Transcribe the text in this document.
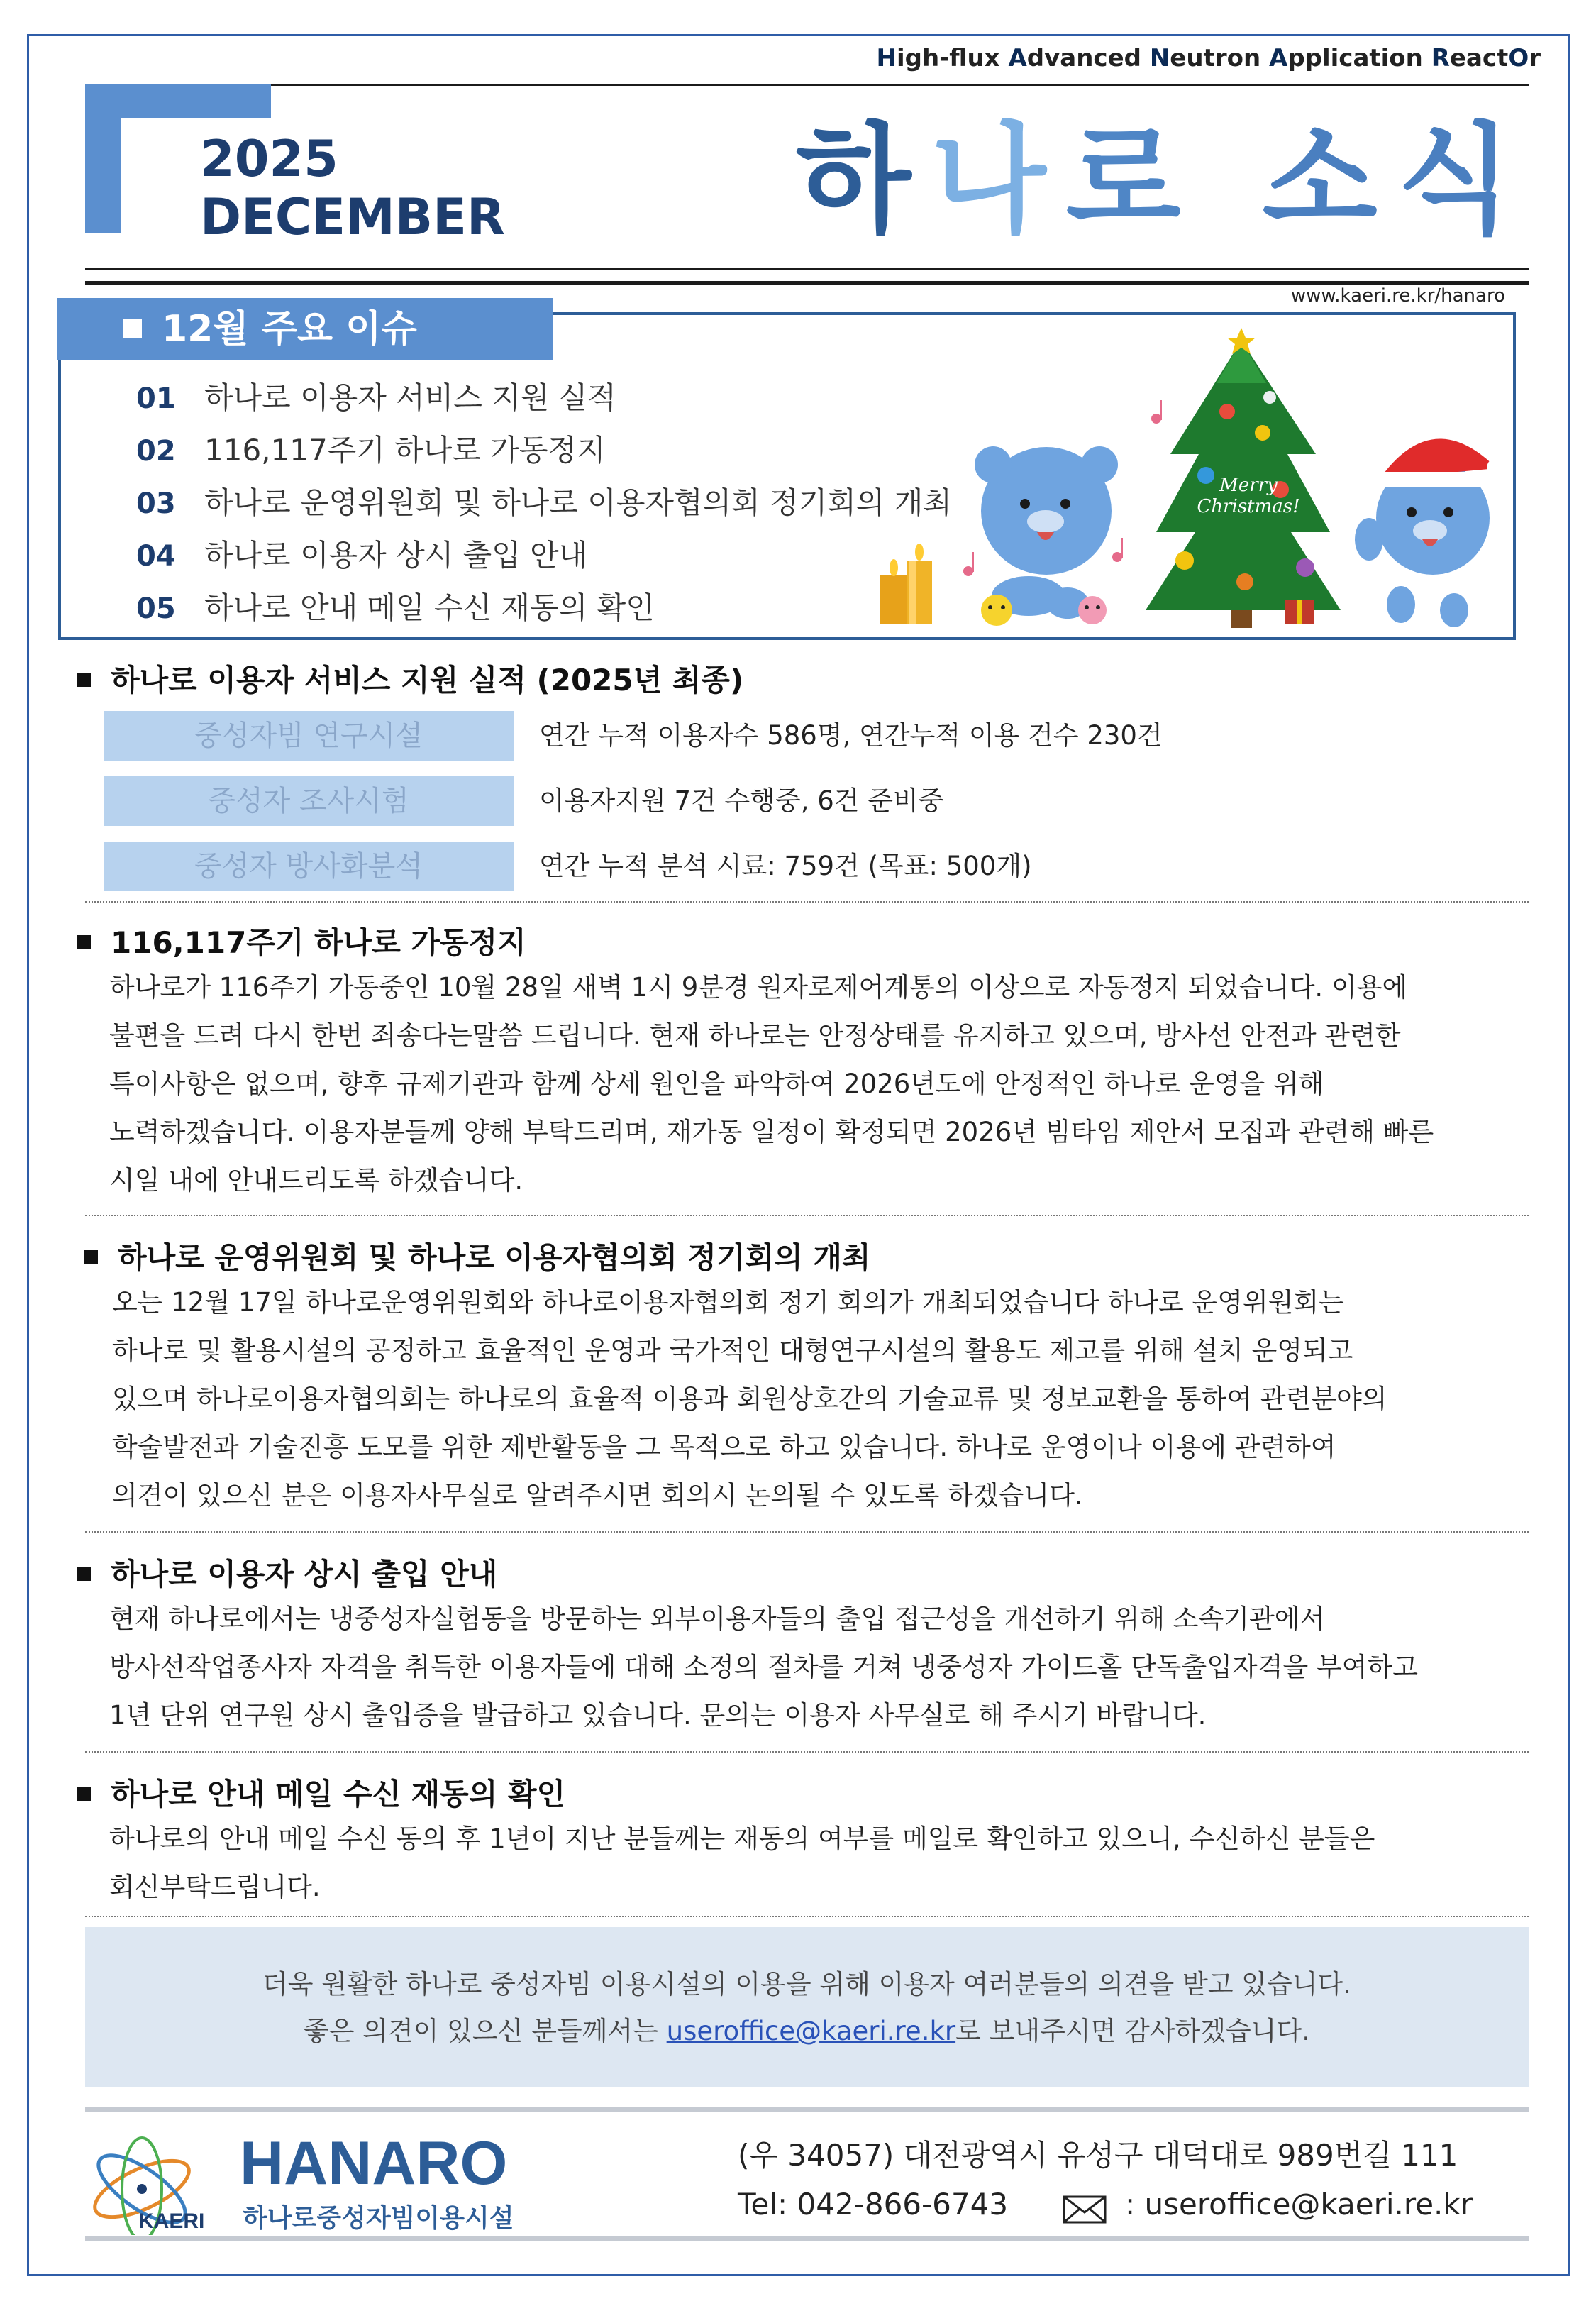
High-flux Advanced Neutron Application ReactOr
2025
DECEMBER 하나로 소식
www.kaeri.re.kr/hanaro
12월 주요 이슈
01 하나로 이용자 서비스 지원 실적
02 116,117주기 하나로 가동정지
03 하나로 운영위원회 및 하나로 이용자협의회 정기회의 개최
04 하나로 이용자 상시 출입 안내
05 하나로 안내 메일 수신 재동의 확인
Merry
Christmas!
하나로 이용자 서비스 지원 실적 (2025년 최종)
중성자빔 연구시설	연간 누적 이용자수 586명, 연간누적 이용 건수 230건
중성자 조사시험	이용자지원 7건 수행중, 6건 준비중
중성자 방사화분석	연간 누적 분석 시료: 759건 (목표: 500개)
116,117주기 하나로 가동정지
하나로가 116주기 가동중인 10월 28일 새벽 1시 9분경 원자로제어계통의 이상으로 자동정지 되었습니다. 이용에
불편을 드려 다시 한번 죄송다는말씀 드립니다. 현재 하나로는 안정상태를 유지하고 있으며, 방사선 안전과 관련한
특이사항은 없으며, 향후 규제기관과 함께 상세 원인을 파악하여 2026년도에 안정적인 하나로 운영을 위해
노력하겠습니다. 이용자분들께 양해 부탁드리며, 재가동 일정이 확정되면 2026년 빔타임 제안서 모집과 관련해 빠른
시일 내에 안내드리도록 하겠습니다.
하나로 운영위원회 및 하나로 이용자협의회 정기회의 개최
오는 12월 17일 하나로운영위원회와 하나로이용자협의회 정기 회의가 개최되었습니다 하나로 운영위원회는
하나로 및 활용시설의 공정하고 효율적인 운영과 국가적인 대형연구시설의 활용도 제고를 위해 설치 운영되고
있으며 하나로이용자협의회는 하나로의 효율적 이용과 회원상호간의 기술교류 및 정보교환을 통하여 관련분야의
학술발전과 기술진흥 도모를 위한 제반활동을 그 목적으로 하고 있습니다. 하나로 운영이나 이용에 관련하여
의견이 있으신 분은 이용자사무실로 알려주시면 회의시 논의될 수 있도록 하겠습니다.
하나로 이용자 상시 출입 안내
현재 하나로에서는 냉중성자실험동을 방문하는 외부이용자들의 출입 접근성을 개선하기 위해 소속기관에서
방사선작업종사자 자격을 취득한 이용자들에 대해 소정의 절차를 거쳐 냉중성자 가이드홀 단독출입자격을 부여하고
1년 단위 연구원 상시 출입증을 발급하고 있습니다. 문의는 이용자 사무실로 해 주시기 바랍니다.
하나로 안내 메일 수신 재동의 확인
하나로의 안내 메일 수신 동의 후 1년이 지난 분들께는 재동의 여부를 메일로 확인하고 있으니, 수신하신 분들은
회신부탁드립니다.
더욱 원활한 하나로 중성자빔 이용시설의 이용을 위해 이용자 여러분들의 의견을 받고 있습니다.
좋은 의견이 있으신 분들께서는 useroffice@kaeri.re.kr로 보내주시면 감사하겠습니다.
KAERI
HANARO
하나로중성자빔이용시설
(우 34057) 대전광역시 유성구 대덕대로 989번길 111
Tel: 042-866-6743	: useroffice@kaeri.re.kr
